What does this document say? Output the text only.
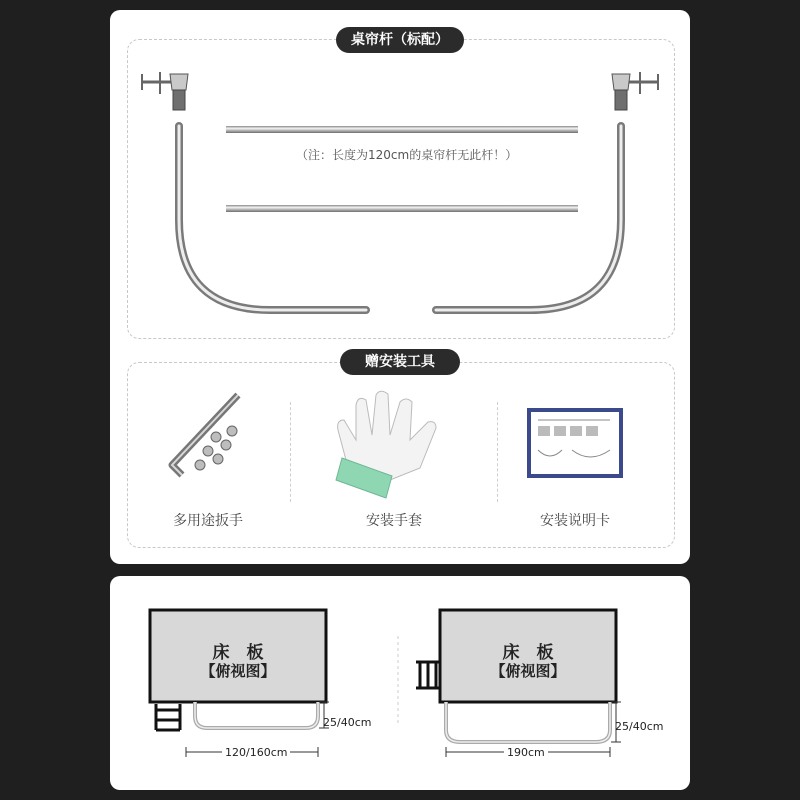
桌帘杆（标配）
（注：长度为120cm的桌帘杆无此杆！）
赠安装工具
多用途扳手	安装手套	安装说明卡
床　板
【俯视图】
25/40cm
120/160cm
床　板
【俯视图】
25/40cm
190cm
